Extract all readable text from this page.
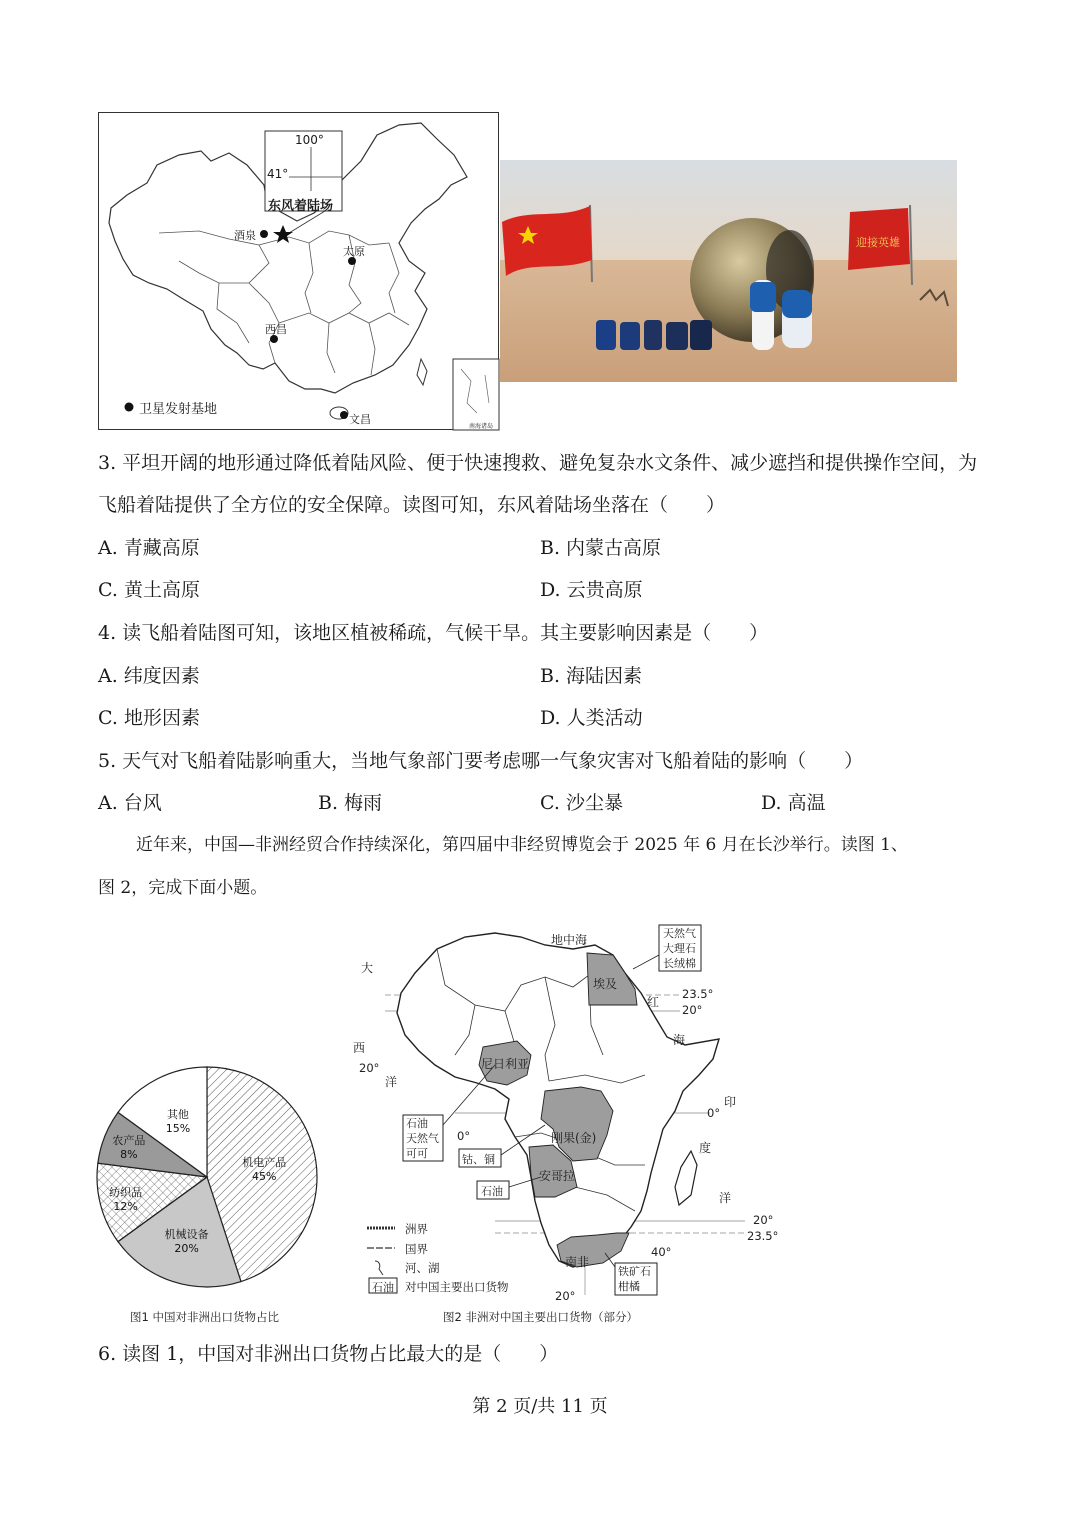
100°
41°
东风着陆场
酒泉
太原
西昌
文昌
卫星发射基地
南海诸岛
迎接英雄
3. 平坦开阔的地形通过降低着陆风险、便于快速搜救、避免复杂水文条件、减少遮挡和提供操作空间，为
飞船着陆提供了全方位的安全保障。读图可知，东风着陆场坐落在（　　）
A. 青藏高原	B. 内蒙古高原
C. 黄土高原	D. 云贵高原
4. 读飞船着陆图可知，该地区植被稀疏，气候干旱。其主要影响因素是（　　）
A. 纬度因素	B. 海陆因素
C. 地形因素	D. 人类活动
5. 天气对飞船着陆影响重大，当地气象部门要考虑哪一气象灾害对飞船着陆的影响（　　）
A. 台风	B. 梅雨	C. 沙尘暴	D. 高温
近年来，中国—非洲经贸合作持续深化，第四届中非经贸博览会于 2025 年 6 月在长沙举行。读图 1、
图 2，完成下面小题。
机电产品
45%
机械设备
20%
纺织品
12%
农产品
8%
其他
15%
图1 中国对非洲出口货物占比
地中海
大
西
洋
印
度
洋
红
海
埃及
尼日利亚
刚果(金)
安哥拉
南非
天然气
大理石
长绒棉
石油
天然气
可可	钴、铜
石油
铁矿石
柑橘
23.5°
20°
0°
20°
23.5°
20°
0°
20°
40°
洲界
国界
河、湖
石油 对中国主要出口货物
图2 非洲对中国主要出口货物（部分）
6. 读图 1，中国对非洲出口货物占比最大的是（　　）
第 2 页/共 11 页
